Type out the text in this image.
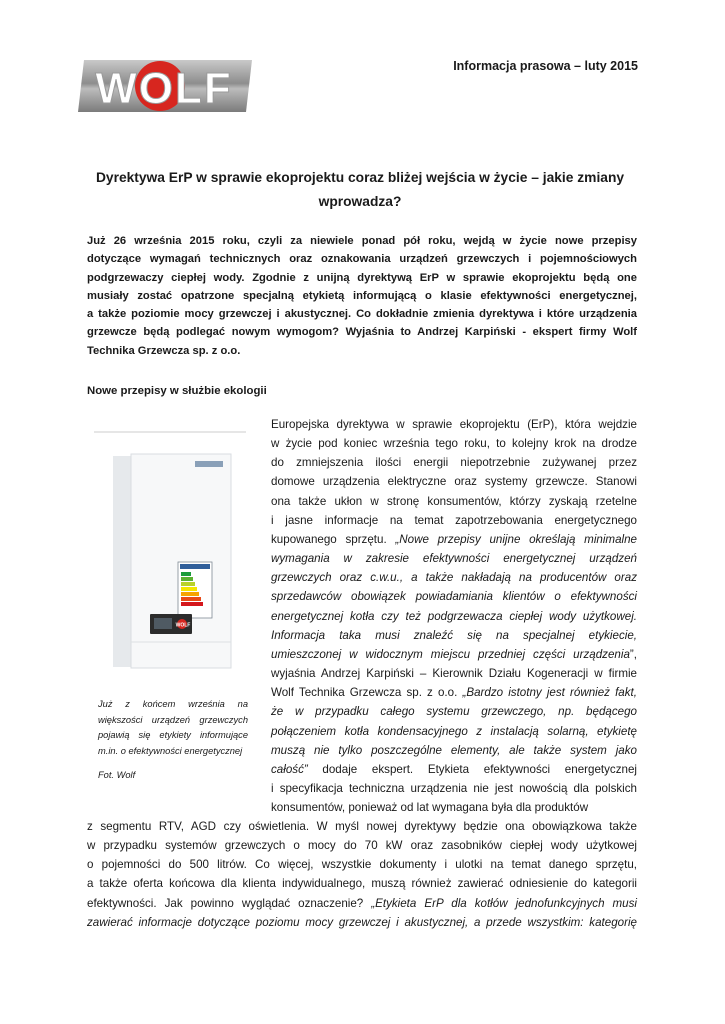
Informacja prasowa – luty 2015
WOLF
Dyrektywa ErP w sprawie ekoprojektu coraz bliżej wejścia w życie – jakie zmiany
wprowadza?
Już 26 września 2015 roku, czyli za niewiele ponad pół roku, wejdą w życie nowe przepisy
dotyczące wymagań technicznych oraz oznakowania urządzeń grzewczych i pojemnościowych
podgrzewaczy ciepłej wody. Zgodnie z unijną dyrektywą ErP w sprawie ekoprojektu będą one
musiały zostać opatrzone specjalną etykietą informującą o klasie efektywności energetycznej,
a także poziomie mocy grzewczej i akustycznej. Co dokładnie zmienia dyrektywa i które urządzenia
grzewcze będą podlegać nowym wymogom? Wyjaśnia to Andrzej Karpiński - ekspert firmy Wolf
Technika Grzewcza sp. z o.o.
Nowe przepisy w służbie ekologii
WOLF
Już z końcem września na
większości urządzeń grzewczych
pojawią się etykiety informujące
m.in. o efektywności energetycznej
Fot. Wolf
Europejska dyrektywa w sprawie ekoprojektu (ErP), która wejdzie
w życie pod koniec września tego roku, to kolejny krok na drodze
do zmniejszenia ilości energii niepotrzebnie zużywanej przez
domowe urządzenia elektryczne oraz systemy grzewcze. Stanowi
ona także ukłon w stronę konsumentów, którzy zyskają rzetelne
i jasne informacje na temat zapotrzebowania energetycznego
kupowanego sprzętu. „Nowe przepisy unijne określają minimalne
wymagania w zakresie efektywności energetycznej urządzeń
grzewczych oraz c.w.u., a także nakładają na producentów oraz
sprzedawców obowiązek powiadamiania klientów o efektywności
energetycznej kotła czy też podgrzewacza ciepłej wody użytkowej.
Informacja taka musi znaleźć się na specjalnej etykiecie,
umieszczonej w widocznym miejscu przedniej części urządzenia”,
wyjaśnia Andrzej Karpiński – Kierownik Działu Kogeneracji w firmie
Wolf Technika Grzewcza sp. z o.o. „Bardzo istotny jest również fakt,
że w przypadku całego systemu grzewczego, np. będącego
połączeniem kotła kondensacyjnego z instalacją solarną, etykietę
muszą nie tylko poszczególne elementy, ale także system jako
całość” dodaje ekspert. Etykieta efektywności energetycznej
i specyfikacja techniczna urządzenia nie jest nowością dla polskich
konsumentów, ponieważ od lat wymagana była dla produktów
z segmentu RTV, AGD czy oświetlenia. W myśl nowej dyrektywy będzie ona obowiązkowa także
w przypadku systemów grzewczych o mocy do 70 kW oraz zasobników ciepłej wody użytkowej
o pojemności do 500 litrów. Co więcej, wszystkie dokumenty i ulotki na temat danego sprzętu,
a także oferta końcowa dla klienta indywidualnego, muszą również zawierać odniesienie do kategorii
efektywności. Jak powinno wyglądać oznaczenie? „Etykieta ErP dla kotłów jednofunkcyjnych musi
zawierać informacje dotyczące poziomu mocy grzewczej i akustycznej, a przede wszystkim: kategorię
